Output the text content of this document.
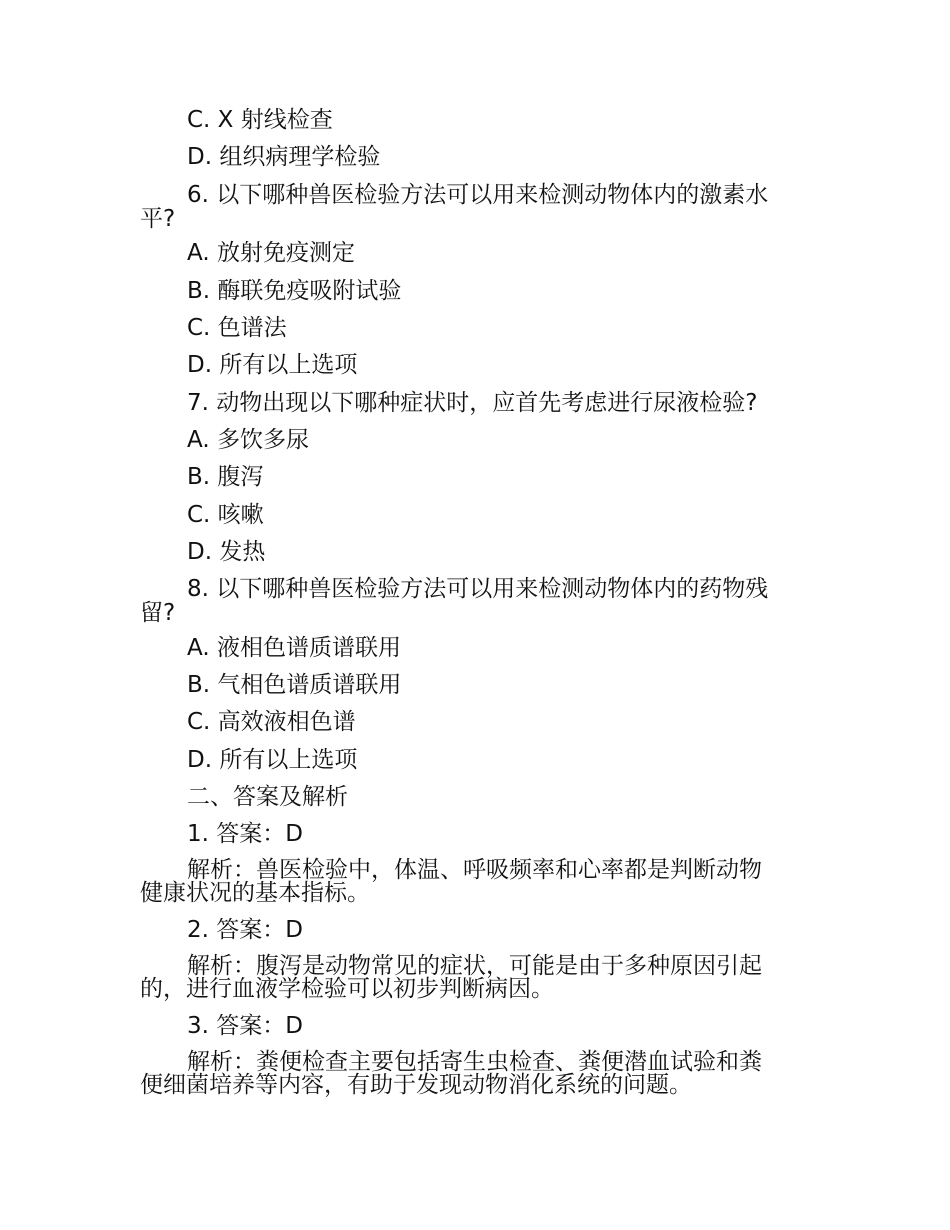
C. X 射线检查
D. 组织病理学检验
6. 以下哪种兽医检验方法可以用来检测动物体内的激素水
平?
A. 放射免疫测定
B. 酶联免疫吸附试验
C. 色谱法
D. 所有以上选项
7. 动物出现以下哪种症状时，应首先考虑进行尿液检验?
A. 多饮多尿
B. 腹泻
C. 咳嗽
D. 发热
8. 以下哪种兽医检验方法可以用来检测动物体内的药物残
留?
A. 液相色谱质谱联用
B. 气相色谱质谱联用
C. 高效液相色谱
D. 所有以上选项
二、答案及解析
1. 答案：D
解析：兽医检验中，体温、呼吸频率和心率都是判断动物
健康状况的基本指标。
2. 答案：D
解析：腹泻是动物常见的症状，可能是由于多种原因引起
的，进行血液学检验可以初步判断病因。
3. 答案：D
解析：粪便检查主要包括寄生虫检查、粪便潜血试验和粪
便细菌培养等内容，有助于发现动物消化系统的问题。
